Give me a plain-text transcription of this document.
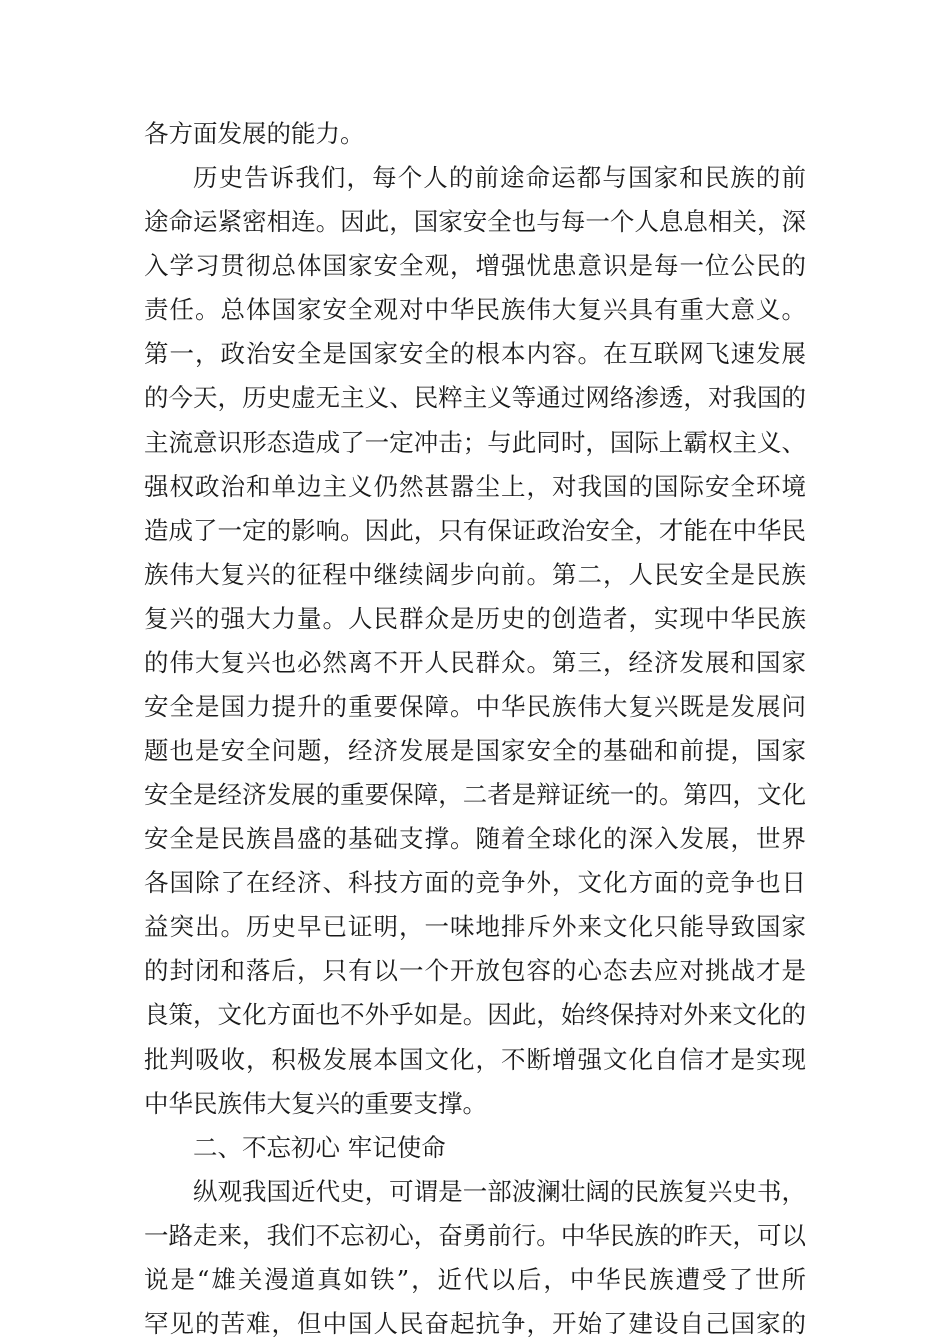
各方面发展的能力。
历史告诉我们，每个人的前途命运都与国家和民族的前
途命运紧密相连。因此，国家安全也与每一个人息息相关，深
入学习贯彻总体国家安全观，增强忧患意识是每一位公民的
责任。总体国家安全观对中华民族伟大复兴具有重大意义。
第一，政治安全是国家安全的根本内容。在互联网飞速发展
的今天，历史虚无主义、民粹主义等通过网络渗透，对我国的
主流意识形态造成了一定冲击；与此同时，国际上霸权主义、
强权政治和单边主义仍然甚嚣尘上，对我国的国际安全环境
造成了一定的影响。因此，只有保证政治安全，才能在中华民
族伟大复兴的征程中继续阔步向前。第二，人民安全是民族
复兴的强大力量。人民群众是历史的创造者，实现中华民族
的伟大复兴也必然离不开人民群众。第三，经济发展和国家
安全是国力提升的重要保障。中华民族伟大复兴既是发展问
题也是安全问题，经济发展是国家安全的基础和前提，国家
安全是经济发展的重要保障，二者是辩证统一的。第四，文化
安全是民族昌盛的基础支撑。随着全球化的深入发展，世界
各国除了在经济、科技方面的竞争外，文化方面的竞争也日
益突出。历史早已证明，一味地排斥外来文化只能导致国家
的封闭和落后，只有以一个开放包容的心态去应对挑战才是
良策，文化方面也不外乎如是。因此，始终保持对外来文化的
批判吸收，积极发展本国文化，不断增强文化自信才是实现
中华民族伟大复兴的重要支撑。
二、不忘初心 牢记使命
纵观我国近代史，可谓是一部波澜壮阔的民族复兴史书，
一路走来，我们不忘初心，奋勇前行。中华民族的昨天，可以
说是“雄关漫道真如铁”，近代以后，中华民族遭受了世所
罕见的苦难，但中国人民奋起抗争，开始了建设自己国家的
